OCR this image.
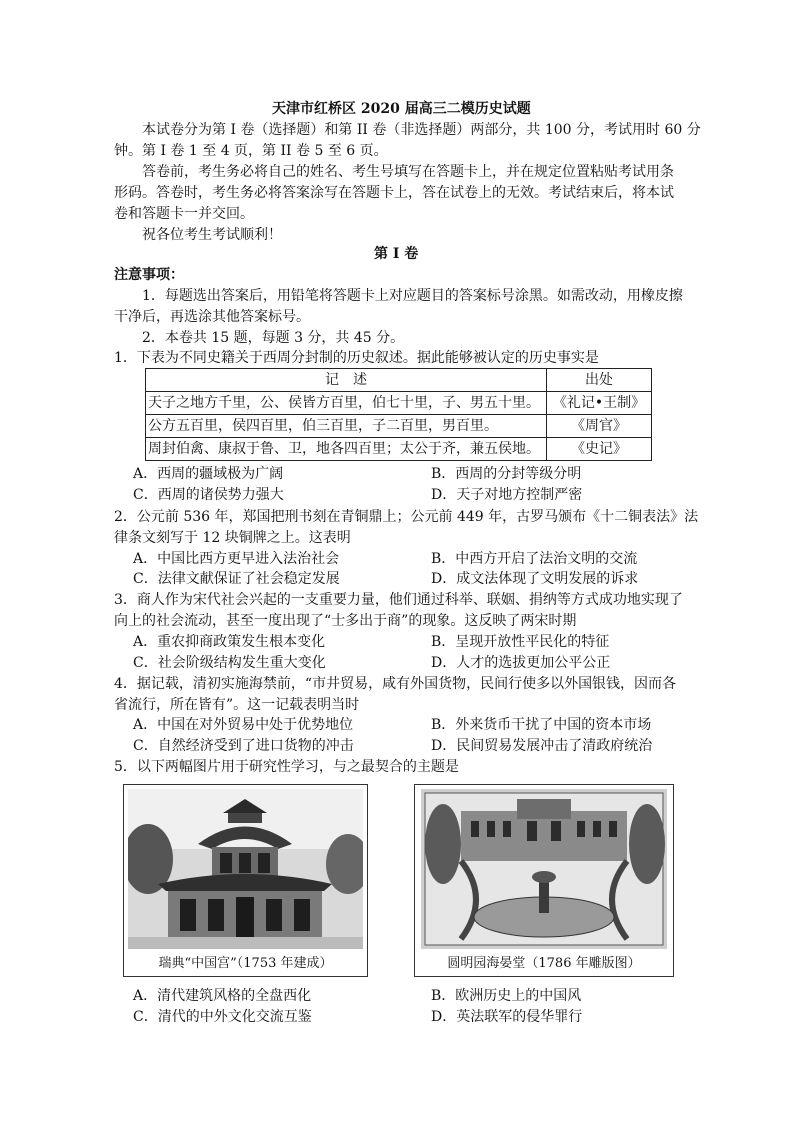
天津市红桥区 2020 届高三二模历史试题
本试卷分为第 I 卷（选择题）和第 II 卷（非选择题）两部分，共 100 分，考试用时 60 分
钟。第 I 卷 1 至 4 页，第 II 卷 5 至 6 页。
答卷前，考生务必将自己的姓名、考生号填写在答题卡上，并在规定位置粘贴考试用条
形码。答卷时，考生务必将答案涂写在答题卡上，答在试卷上的无效。考试结束后，将本试
卷和答题卡一并交回。
祝各位考生考试顺利！
第 I 卷
注意事项：
1．每题选出答案后，用铅笔将答题卡上对应题目的答案标号涂黑。如需改动，用橡皮擦
干净后，再选涂其他答案标号。
2．本卷共 15 题，每题 3 分，共 45 分。
1．下表为不同史籍关于西周分封制的历史叙述。据此能够被认定的历史事实是
记　述	出处
天子之地方千里，公、侯皆方百里，伯七十里，子、男五十里。	《礼记•王制》
公方五百里，侯四百里，伯三百里，子二百里，男百里。	《周官》
周封伯禽、康叔于鲁、卫，地各四百里；太公于齐，兼五侯地。	《史记》
A．西周的疆域极为广阔	B．西周的分封等级分明
C．西周的诸侯势力强大	D．天子对地方控制严密
2．公元前 536 年，郑国把刑书刻在青铜鼎上；公元前 449 年，古罗马颁布《十二铜表法》法
律条文刻写于 12 块铜牌之上。这表明
A．中国比西方更早进入法治社会	B．中西方开启了法治文明的交流
C．法律文献保证了社会稳定发展	D．成文法体现了文明发展的诉求
3．商人作为宋代社会兴起的一支重要力量，他们通过科举、联姻、捐纳等方式成功地实现了
向上的社会流动，甚至一度出现了“士多出于商”的现象。这反映了两宋时期
A．重农抑商政策发生根本变化	B．呈现开放性平民化的特征
C．社会阶级结构发生重大变化	D．人才的选拔更加公平公正
4．据记载，清初实施海禁前，“市井贸易，咸有外国货物，民间行使多以外国银钱，因而各
省流行，所在皆有”。这一记载表明当时
A．中国在对外贸易中处于优势地位	B．外来货币干扰了中国的资本市场
C．自然经济受到了进口货物的冲击	D．民间贸易发展冲击了清政府统治
5．以下两幅图片用于研究性学习，与之最契合的主题是
瑞典“中国宫”（1753 年建成）	圆明园海晏堂（1786 年雕版图）
A．清代建筑风格的全盘西化	B．欧洲历史上的中国风
C．清代的中外文化交流互鉴	D．英法联军的侵华罪行
